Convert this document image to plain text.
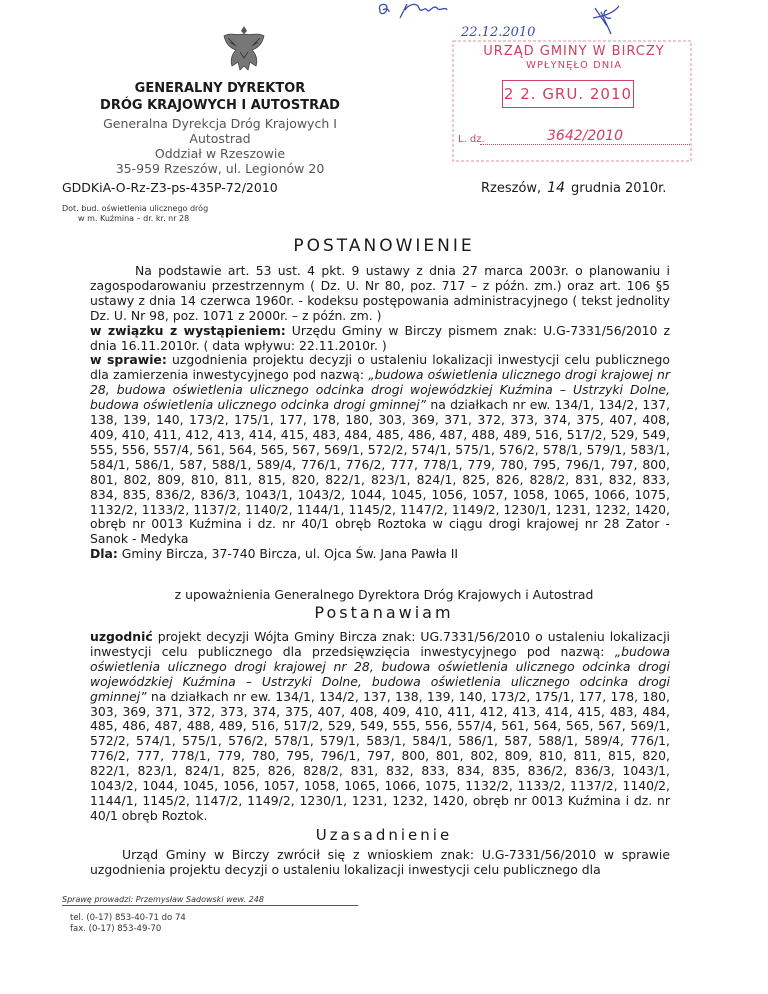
GENERALNY DYREKTOR
DRÓG KRAJOWYCH I AUTOSTRAD
Generalna Dyrekcja Dróg Krajowych I
Autostrad
Oddział w Rzeszowie
35-959 Rzeszów, ul. Legionów 20
22.12.2010
URZĄD GMINY W BIRCZY
WPŁYNĘŁO DNIA
2 2. GRU. 2010
L. dz.	3642/2010
GDDKiA-O-Rz-Z3-ps-435P-72/2010	Rzeszów, 14 grudnia 2010r.
Dot. bud. oświetlenia ulicznego dróg
w m. Kuźmina – dr. kr. nr 28
POSTANOWIENIE
Na podstawie art. 53 ust. 4 pkt. 9 ustawy z dnia 27 marca 2003r. o planowaniu i zagospodarowaniu przestrzennym ( Dz. U. Nr 80, poz. 717 – z późn. zm.) oraz art. 106 §5 ustawy z dnia 14 czerwca 1960r. - kodeksu postępowania administracyjnego ( tekst jednolity Dz. U. Nr 98, poz. 1071 z 2000r. – z późn. zm. )
w związku z wystąpieniem: Urzędu Gminy w Birczy pismem znak: U.G-7331/56/2010 z dnia 16.11.2010r. ( data wpływu: 22.11.2010r. )
w sprawie: uzgodnienia projektu decyzji o ustaleniu lokalizacji inwestycji celu publicznego dla zamierzenia inwestycyjnego pod nazwą: „budowa oświetlenia ulicznego drogi krajowej nr 28, budowa oświetlenia ulicznego odcinka drogi wojewódzkiej Kuźmina – Ustrzyki Dolne, budowa oświetlenia ulicznego odcinka drogi gminnej” na działkach nr ew. 134/1, 134/2, 137, 138, 139, 140, 173/2, 175/1, 177, 178, 180, 303, 369, 371, 372, 373, 374, 375, 407, 408, 409, 410, 411, 412, 413, 414, 415, 483, 484, 485, 486, 487, 488, 489, 516, 517/2, 529, 549, 555, 556, 557/4, 561, 564, 565, 567, 569/1, 572/2, 574/1, 575/1, 576/2, 578/1, 579/1, 583/1, 584/1, 586/1, 587, 588/1, 589/4, 776/1, 776/2, 777, 778/1, 779, 780, 795, 796/1, 797, 800, 801, 802, 809, 810, 811, 815, 820, 822/1, 823/1, 824/1, 825, 826, 828/2, 831, 832, 833, 834, 835, 836/2, 836/3, 1043/1, 1043/2, 1044, 1045, 1056, 1057, 1058, 1065, 1066, 1075, 1132/2, 1133/2, 1137/2, 1140/2, 1144/1, 1145/2, 1147/2, 1149/2, 1230/1, 1231, 1232, 1420, obręb nr 0013 Kuźmina i dz. nr 40/1 obręb Roztoka w ciągu drogi krajowej nr 28 Zator - Sanok - Medyka
Dla: Gminy Bircza, 37-740 Bircza, ul. Ojca Św. Jana Pawła II
z upoważnienia Generalnego Dyrektora Dróg Krajowych i Autostrad
Postanawiam
uzgodnić projekt decyzji Wójta Gminy Bircza znak: UG.7331/56/2010 o ustaleniu lokalizacji inwestycji celu publicznego dla przedsięwzięcia inwestycyjnego pod nazwą: „budowa oświetlenia ulicznego drogi krajowej nr 28, budowa oświetlenia ulicznego odcinka drogi wojewódzkiej Kuźmina – Ustrzyki Dolne, budowa oświetlenia ulicznego odcinka drogi gminnej” na działkach nr ew. 134/1, 134/2, 137, 138, 139, 140, 173/2, 175/1, 177, 178, 180, 303, 369, 371, 372, 373, 374, 375, 407, 408, 409, 410, 411, 412, 413, 414, 415, 483, 484, 485, 486, 487, 488, 489, 516, 517/2, 529, 549, 555, 556, 557/4, 561, 564, 565, 567, 569/1, 572/2, 574/1, 575/1, 576/2, 578/1, 579/1, 583/1, 584/1, 586/1, 587, 588/1, 589/4, 776/1, 776/2, 777, 778/1, 779, 780, 795, 796/1, 797, 800, 801, 802, 809, 810, 811, 815, 820, 822/1, 823/1, 824/1, 825, 826, 828/2, 831, 832, 833, 834, 835, 836/2, 836/3, 1043/1, 1043/2, 1044, 1045, 1056, 1057, 1058, 1065, 1066, 1075, 1132/2, 1133/2, 1137/2, 1140/2, 1144/1, 1145/2, 1147/2, 1149/2, 1230/1, 1231, 1232, 1420, obręb nr 0013 Kuźmina i dz. nr 40/1 obręb Roztok.
Uzasadnienie
Urząd Gminy w Birczy zwrócił się z wnioskiem znak: U.G-7331/56/2010 w sprawie uzgodnienia projektu decyzji o ustaleniu lokalizacji inwestycji celu publicznego dla
Sprawę prowadzi: Przemysław Sadowski wew. 248
tel. (0-17) 853-40-71 do 74
fax. (0-17) 853-49-70
